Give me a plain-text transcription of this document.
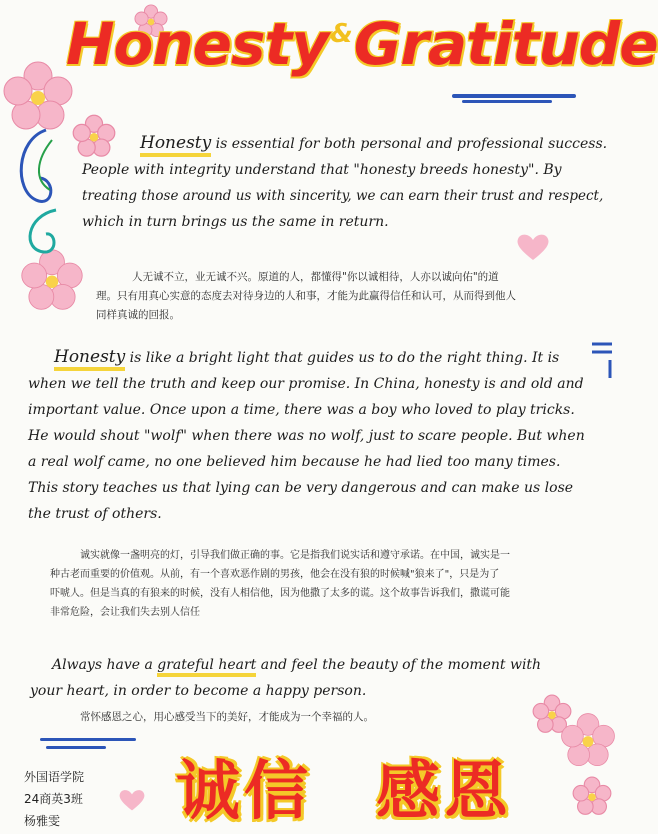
Honesty&Gratitude
Honesty is essential for both personal and professional success.
People with integrity understand that "honesty breeds honesty". By
treating those around us with sincerity, we can earn their trust and respect,
which in turn brings us the same in return.
人无诚不立，业无诚不兴。原道的人，都懂得"你以诚相待，人亦以诚向佑"的道
理。只有用真心实意的态度去对待身边的人和事，才能为此赢得信任和认可，从而得到他人
同样真诚的回报。
Honesty is like a bright light that guides us to do the right thing. It is
when we tell the truth and keep our promise. In China, honesty is and old and
important value. Once upon a time, there was a boy who loved to play tricks.
He would shout "wolf" when there was no wolf, just to scare people. But when
a real wolf came, no one believed him because he had lied too many times.
This story teaches us that lying can be very dangerous and can make us lose
the trust of others.
诚实就像一盏明亮的灯，引导我们做正确的事。它是指我们说实话和遵守承诺。在中国，诚实是一
种古老而重要的价值观。从前，有一个喜欢恶作剧的男孩，他会在没有狼的时候喊"狼来了"，只是为了
吓唬人。但是当真的有狼来的时候，没有人相信他，因为他撒了太多的谎。这个故事告诉我们，撒谎可能
非常危险，会让我们失去别人信任
Always have a grateful heart and feel the beauty of the moment with
your heart, in order to become a happy person.
常怀感恩之心，用心感受当下的美好，才能成为一个幸福的人。
诚信 感恩
外国语学院
24商英3班
杨雅雯
